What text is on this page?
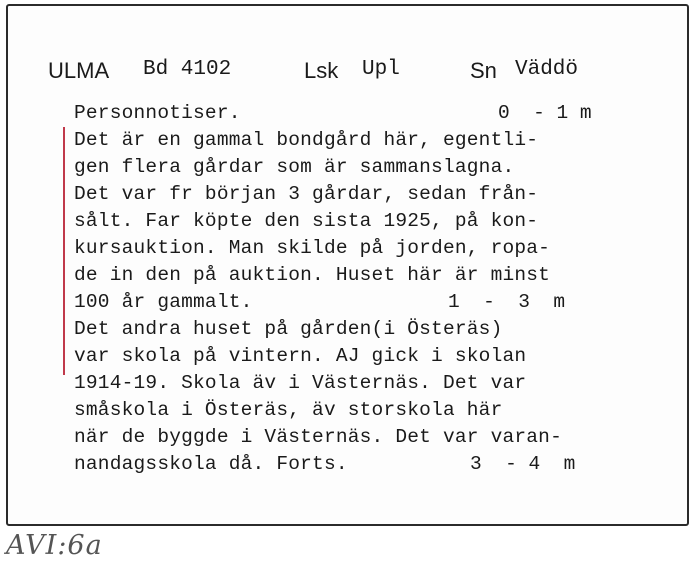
ULMA Bd 4102	Lsk Upl	Sn Väddö
Personnotiser.	0  - 1 m
Det är en gammal bondgård här, egentli-
gen flera gårdar som är sammanslagna.
Det var fr början 3 gårdar, sedan från-
sålt. Far köpte den sista 1925, på kon-
kursauktion. Man skilde på jorden, ropa-
de in den på auktion. Huset här är minst
100 år gammalt.	1  -  3  m
Det andra huset på gården(i Österäs)
var skola på vintern. AJ gick i skolan
1914-19. Skola äv i Västernäs. Det var
småskola i Österäs, äv storskola här
när de byggde i Västernäs. Det var varan-
nandagsskola då. Forts.	3  - 4  m
AVI:6a
